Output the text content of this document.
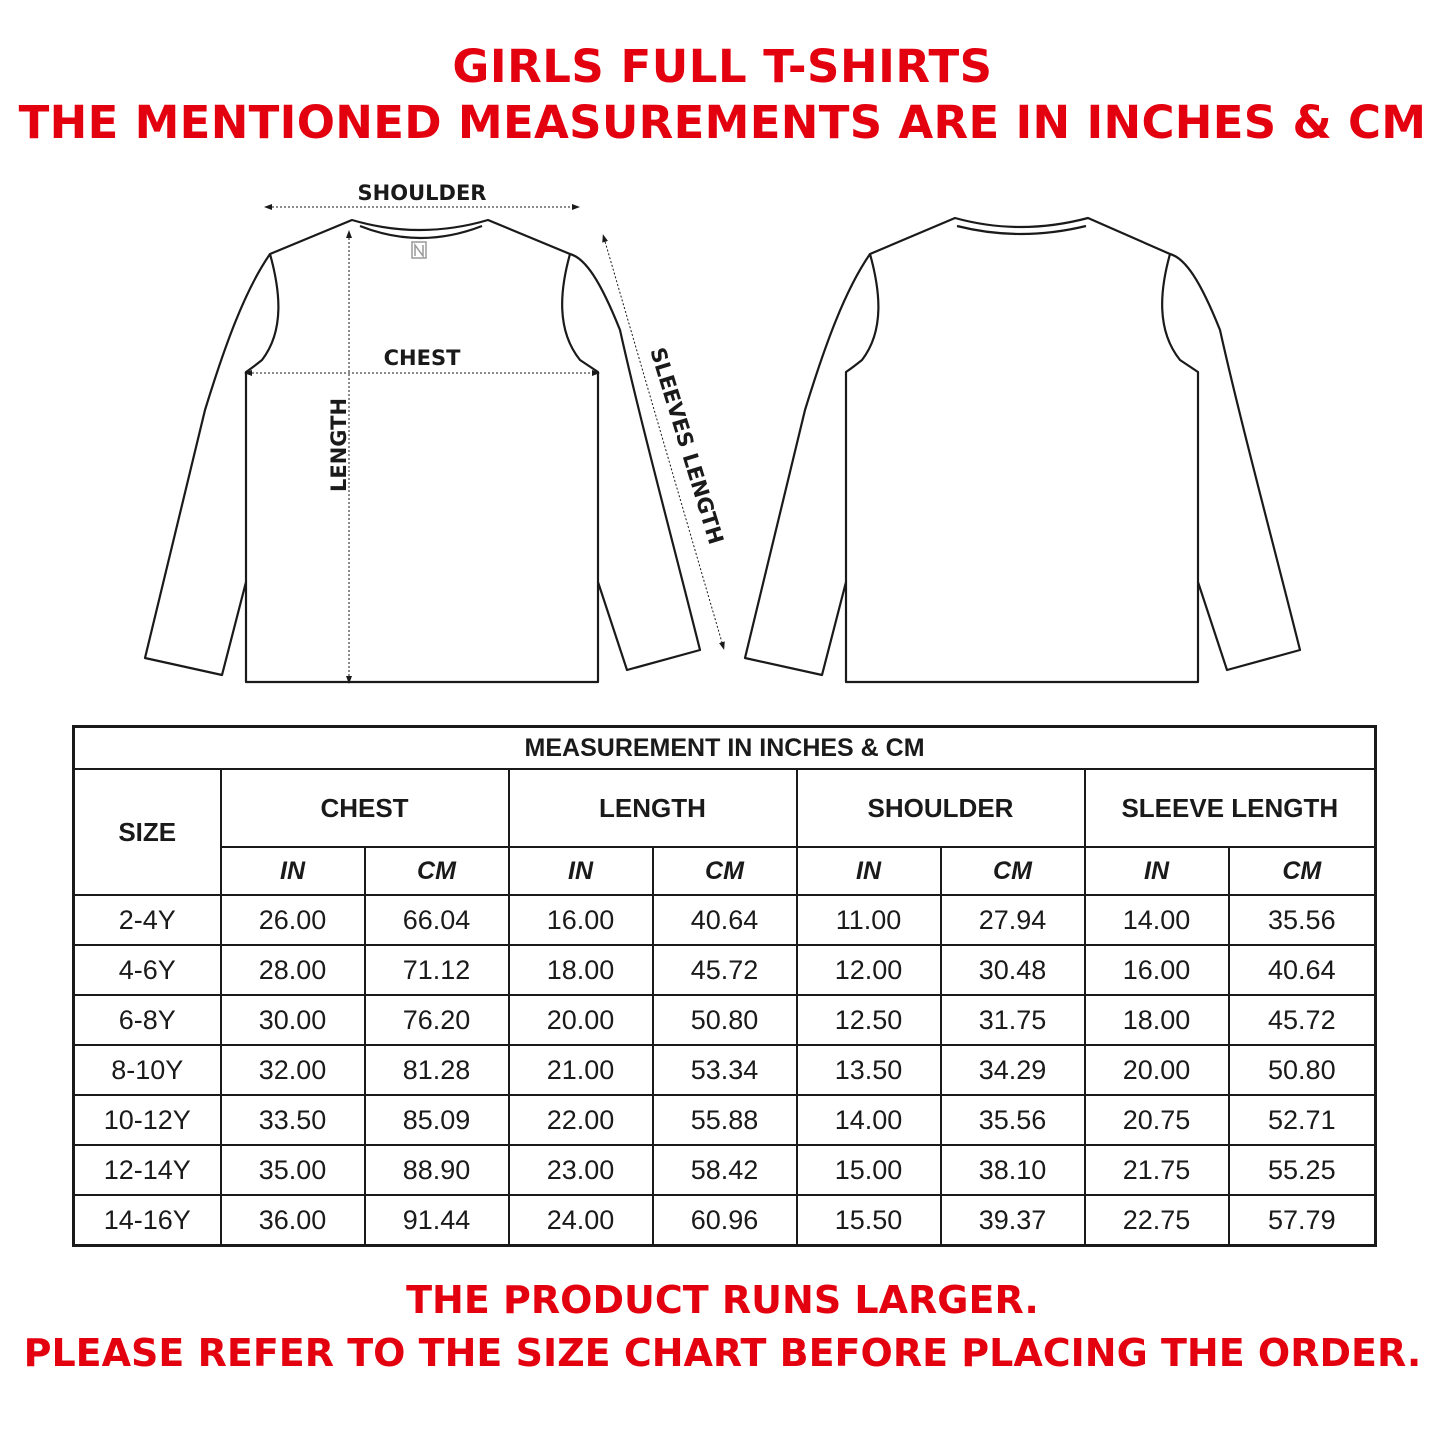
GIRLS FULL T-SHIRTS
THE MENTIONED MEASUREMENTS ARE IN INCHES & CM
SHOULDER
CHEST
LENGTH	SLEEVES LENGTH
MEASUREMENT IN INCHES & CM								
SIZE	CHEST		LENGTH		SHOULDER		SLEEVE LENGTH	
	IN	CM	IN	CM	IN	CM	IN	CM
2-4Y	26.00	66.04	16.00	40.64	11.00	27.94	14.00	35.56
4-6Y	28.00	71.12	18.00	45.72	12.00	30.48	16.00	40.64
6-8Y	30.00	76.20	20.00	50.80	12.50	31.75	18.00	45.72
8-10Y	32.00	81.28	21.00	53.34	13.50	34.29	20.00	50.80
10-12Y	33.50	85.09	22.00	55.88	14.00	35.56	20.75	52.71
12-14Y	35.00	88.90	23.00	58.42	15.00	38.10	21.75	55.25
14-16Y	36.00	91.44	24.00	60.96	15.50	39.37	22.75	57.79
THE PRODUCT RUNS LARGER.
PLEASE REFER TO THE SIZE CHART BEFORE PLACING THE ORDER.
